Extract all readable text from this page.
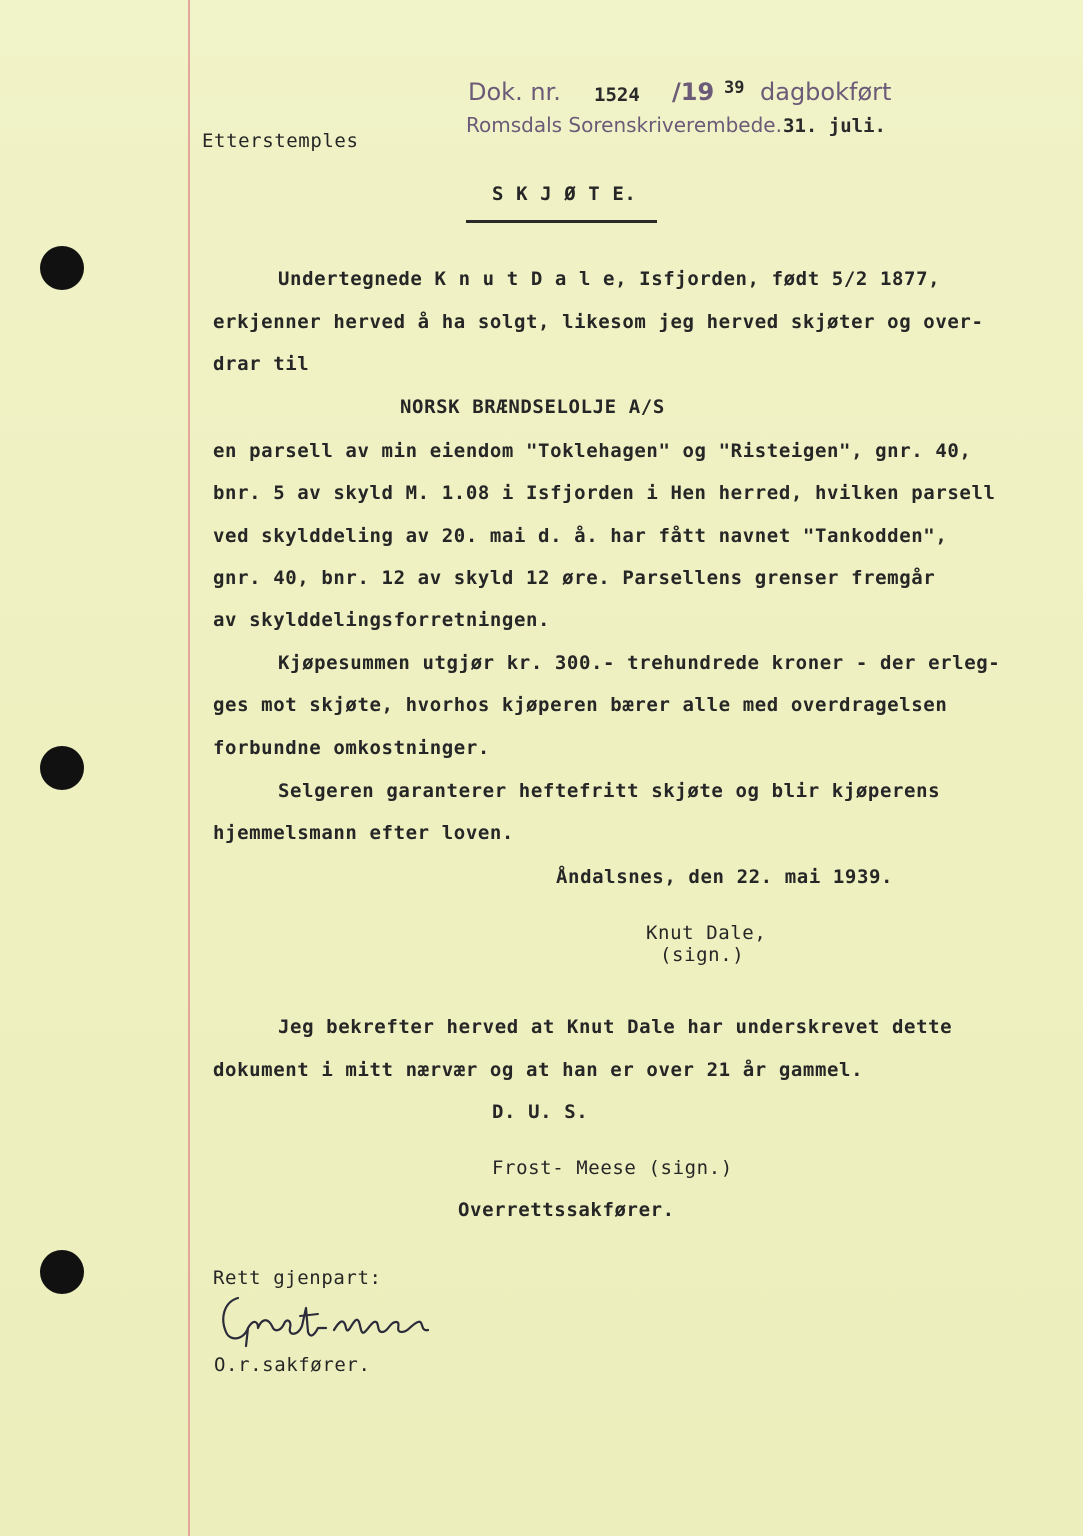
Dok. nr. 1524 /19 39 dagbokført
Romsdals Sorenskriverembede. 31. juli.
Etterstemples
S K J Ø T E.
Undertegnede K n u t D a l e, Isfjorden, født 5/2 1877,
erkjenner herved å ha solgt, likesom jeg herved skjøter og over-
drar til
NORSK BRÆNDSELOLJE A/S
en parsell av min eiendom "Toklehagen" og "Risteigen", gnr. 40,
bnr. 5 av skyld M. 1.08 i Isfjorden i Hen herred, hvilken parsell
ved skylddeling av 20. mai d. å. har fått navnet "Tankodden",
gnr. 40, bnr. 12 av skyld 12 øre. Parsellens grenser fremgår
av skylddelingsforretningen.
Kjøpesummen utgjør kr. 300.- trehundrede kroner - der erleg-
ges mot skjøte, hvorhos kjøperen bærer alle med overdragelsen
forbundne omkostninger.
Selgeren garanterer heftefritt skjøte og blir kjøperens
hjemmelsmann efter loven.
Åndalsnes, den 22. mai 1939.
Knut Dale,
(sign.)
Jeg bekrefter herved at Knut Dale har underskrevet dette
dokument i mitt nærvær og at han er over 21 år gammel.
D. U. S.
Frost- Meese (sign.)
Overrettssakfører.
Rett gjenpart:
O.r.sakfører.
